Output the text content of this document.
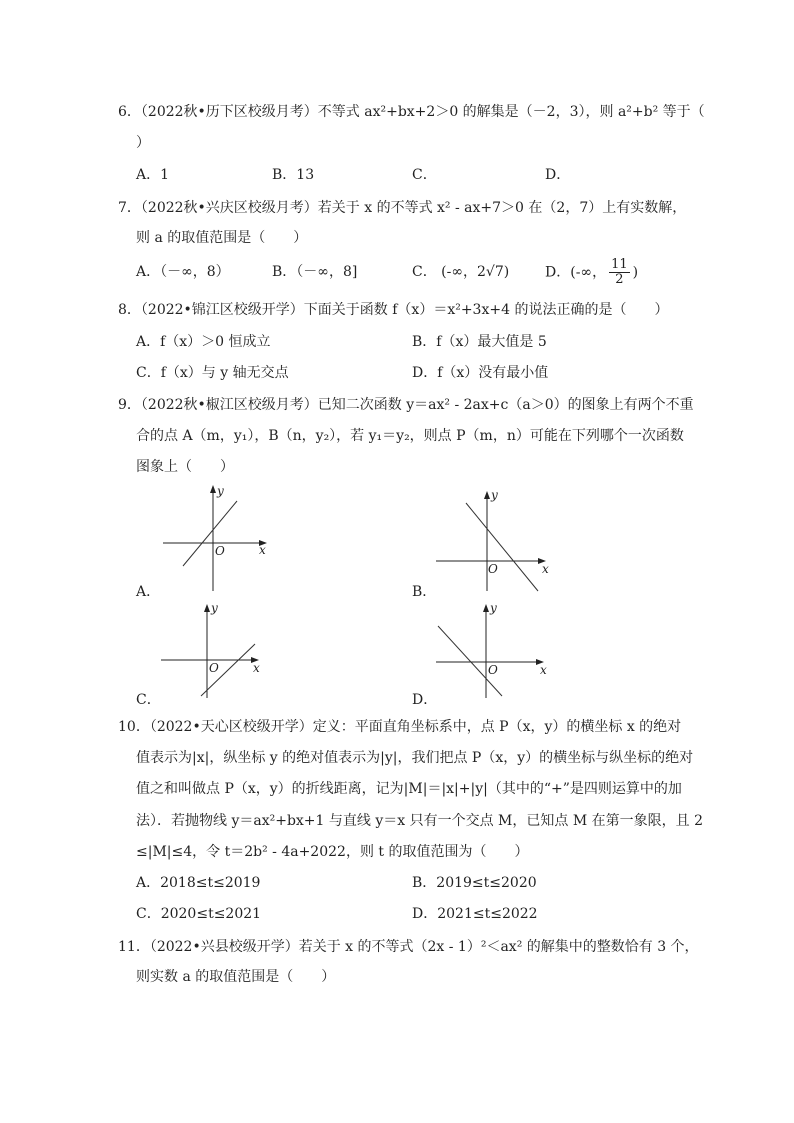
6．（2022秋•历下区校级月考）不等式 ax²+bx+2＞0 的解集是（－2，3），则 a²+b² 等于（
）
A．1	B．13	C．	D．
7．（2022秋•兴庆区校级月考）若关于 x 的不等式 x² - ax+7＞0 在（2，7）上有实数解，
则 a 的取值范围是（　　）
A．（－∞，8）	B．（－∞，8]	C． (-∞，2√7)	D．(-∞， $\frac{11}{2}$ )
8．（2022•锦江区校级开学）下面关于函数 f（x）＝x²+3x+4 的说法正确的是（　　）
A．f（x）＞0 恒成立	B．f（x）最大值是 5
C．f（x）与 y 轴无交点	D．f（x）没有最小值
9．（2022秋•椒江区校级月考）已知二次函数 y＝ax² - 2ax+c（a＞0）的图象上有两个不重
合的点 A（m，y₁），B（n，y₂），若 y₁＝y₂，则点 P（m，n）可能在下列哪个一次函数
图象上（　　）
x
y
O
A．
x
y
O
B．
x
y
O
C．
x
y
O
D．
10．（2022•天心区校级开学）定义：平面直角坐标系中，点 P（x，y）的横坐标 x 的绝对
值表示为|x|，纵坐标 y 的绝对值表示为|y|，我们把点 P（x，y）的横坐标与纵坐标的绝对
值之和叫做点 P（x，y）的折线距离，记为|M|＝|x|+|y|（其中的“+”是四则运算中的加
法）．若抛物线 y＝ax²+bx+1 与直线 y＝x 只有一个交点 M，已知点 M 在第一象限，且 2
≤|M|≤4，令 t＝2b² - 4a+2022，则 t 的取值范围为（　　）
A．2018≤t≤2019	B．2019≤t≤2020
C．2020≤t≤2021	D．2021≤t≤2022
11．（2022•兴县校级开学）若关于 x 的不等式（2x - 1）²＜ax² 的解集中的整数恰有 3 个，
则实数 a 的取值范围是（　　）
